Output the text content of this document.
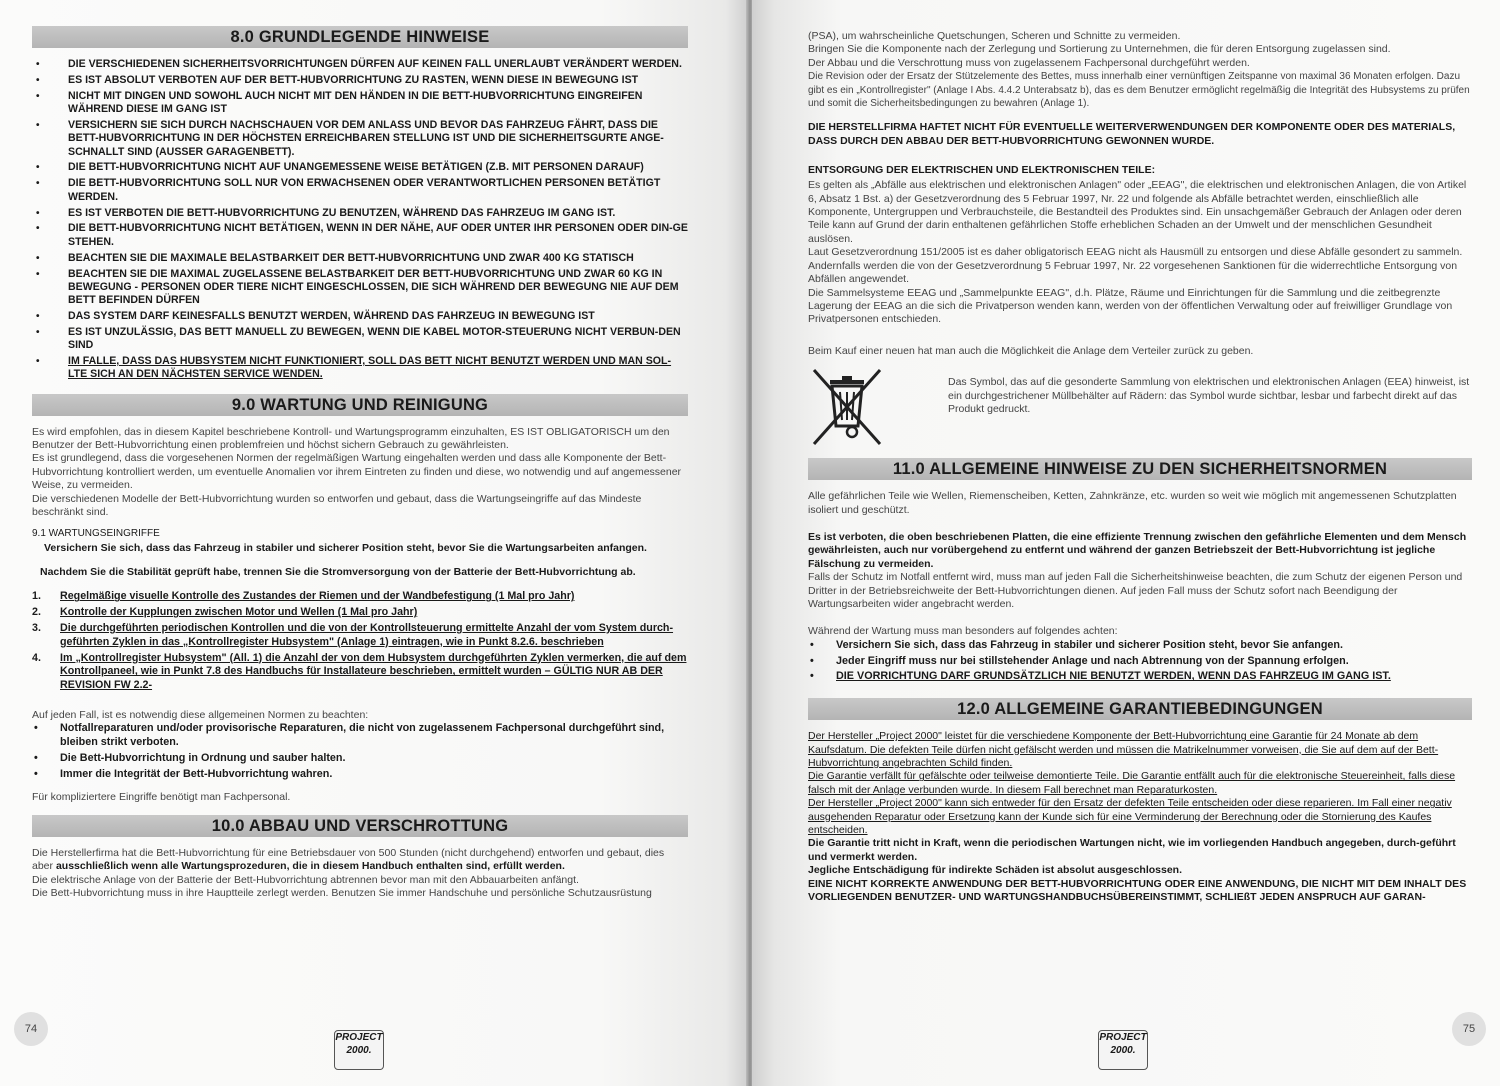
8.0 GRUNDLEGENDE HINWEISE
• DIE VERSCHIEDENEN SICHERHEITSVORRICHTUNGEN DÜRFEN AUF KEINEN FALL UNERLAUBT VERÄNDERT WERDEN.
• ES IST ABSOLUT VERBOTEN AUF DER BETT-HUBVORRICHTUNG ZU RASTEN, WENN DIESE IN BEWEGUNG IST
• NICHT MIT DINGEN UND SOWOHL AUCH NICHT MIT DEN HÄNDEN IN DIE BETT-HUBVORRICHTUNG EINGREIFEN WÄHREND DIESE IM GANG IST
• VERSICHERN SIE SICH DURCH NACHSCHAUEN VOR DEM ANLASS UND BEVOR DAS FAHRZEUG FÄHRT, DASS DIE BETT-HUBVORRICHTUNG IN DER HÖCHSTEN ERREICHBAREN STELLUNG IST UND DIE SICHERHEITSGURTE ANGE-SCHNALLT SIND (AUSSER GARAGENBETT).
• DIE BETT-HUBVORRICHTUNG NICHT AUF UNANGEMESSENE WEISE BETÄTIGEN (Z.B. MIT PERSONEN DARAUF)
• DIE BETT-HUBVORRICHTUNG SOLL NUR VON ERWACHSENEN ODER VERANTWORTLICHEN PERSONEN BETÄTIGT WERDEN.
• ES IST VERBOTEN DIE BETT-HUBVORRICHTUNG ZU BENUTZEN, WÄHREND DAS FAHRZEUG IM GANG IST.
• DIE BETT-HUBVORRICHTUNG NICHT BETÄTIGEN, WENN IN DER NÄHE, AUF ODER UNTER IHR PERSONEN ODER DIN-GE STEHEN.
• BEACHTEN SIE DIE MAXIMALE BELASTBARKEIT DER BETT-HUBVORRICHTUNG UND ZWAR 400 KG STATISCH
• BEACHTEN SIE DIE MAXIMAL ZUGELASSENE BELASTBARKEIT DER BETT-HUBVORRICHTUNG UND ZWAR 60 KG IN BEWEGUNG - PERSONEN ODER TIERE NICHT EINGESCHLOSSEN, DIE SICH WÄHREND DER BEWEGUNG NIE AUF DEM BETT BEFINDEN DÜRFEN
• DAS SYSTEM DARF KEINESFALLS BENUTZT WERDEN, WÄHREND DAS FAHRZEUG IN BEWEGUNG IST
• ES IST UNZULÄSSIG, DAS BETT MANUELL ZU BEWEGEN, WENN DIE KABEL MOTOR-STEUERUNG NICHT VERBUN-DEN SIND
• IM FALLE, DASS DAS HUBSYSTEM NICHT FUNKTIONIERT, SOLL DAS BETT NICHT BENUTZT WERDEN UND MAN SOL-LTE SICH AN DEN NÄCHSTEN SERVICE WENDEN.
9.0 WARTUNG UND REINIGUNG

Es wird empfohlen, das in diesem Kapitel beschriebene Kontroll- und Wartungsprogramm einzuhalten, ES IST OBLIGATORISCH um den Benutzer der Bett-Hubvorrichtung einen problemfreien und höchst sichern Gebrauch zu gewährleisten.

Es ist grundlegend, dass die vorgesehenen Normen der regelmäßigen Wartung eingehalten werden und dass alle Komponente der Bett-Hubvorrichtung kontrolliert werden, um eventuelle Anomalien vor ihrem Eintreten zu finden und diese, wo notwendig und auf angemessener Weise, zu vermeiden.

Die verschiedenen Modelle der Bett-Hubvorrichtung wurden so entworfen und gebaut, dass die Wartungseingriffe auf das Mindeste beschränkt sind.

9.1 WARTUNGSEINGRIFFE

Versichern Sie sich, dass das Fahrzeug in stabiler und sicherer Position steht, bevor Sie die Wartungsarbeiten anfangen.

Nachdem Sie die Stabilität geprüft habe, trennen Sie die Stromversorgung von der Batterie der Bett-Hubvorrichtung ab.

1. Regelmäßige visuelle Kontrolle des Zustandes der Riemen und der Wandbefestigung (1 Mal pro Jahr)
2. Kontrolle der Kupplungen zwischen Motor und Wellen (1 Mal pro Jahr)
3. Die durchgeführten periodischen Kontrollen und die von der Kontrollsteuerung ermittelte Anzahl der vom System durch-geführten Zyklen in das „Kontrollregister Hubsystem" (Anlage 1) eintragen, wie in Punkt 8.2.6. beschrieben
4. Im „Kontrollregister Hubsystem" (All. 1) die Anzahl der von dem Hubsystem durchgeführten Zyklen vermerken, die auf dem Kontrollpaneel, wie in Punkt 7.8 des Handbuchs für Installateure beschrieben, ermittelt wurden – GÜLTIG NUR AB DER REVISION FW 2.2-

Auf jeden Fall, ist es notwendig diese allgemeinen Normen zu beachten:

• Notfallreparaturen und/oder provisorische Reparaturen, die nicht von zugelassenem Fachpersonal durchgeführt sind, bleiben strikt verboten.
• Die Bett-Hubvorrichtung in Ordnung und sauber halten.
• Immer die Integrität der Bett-Hubvorrichtung wahren.

Für kompliziertere Eingriffe benötigt man Fachpersonal.

10.0 ABBAU UND VERSCHROTTUNG

Die Herstellerfirma hat die Bett-Hubvorrichtung für eine Betriebsdauer von 500 Stunden (nicht durchgehend) entworfen und gebaut, dies aber ausschließlich wenn alle Wartungsprozeduren, die in diesem Handbuch enthalten sind, erfüllt werden.

Die elektrische Anlage von der Batterie der Bett-Hubvorrichtung abtrennen bevor man mit den Abbauarbeiten anfängt.

Die Bett-Hubvorrichtung muss in ihre Hauptteile zerlegt werden. Benutzen Sie immer Handschuhe und persönliche Schutzausrüstung

74
PROJECT
2000.

(PSA), um wahrscheinliche Quetschungen, Scheren und Schnitte zu vermeiden.

Bringen Sie die Komponente nach der Zerlegung und Sortierung zu Unternehmen, die für deren Entsorgung zugelassen sind.

Der Abbau und die Verschrottung muss von zugelassenem Fachpersonal durchgeführt werden.

Die Revision oder der Ersatz der Stützelemente des Bettes, muss innerhalb einer vernünftigen Zeitspanne von maximal 36 Monaten erfolgen. Dazu gibt es ein „Kontrollregister" (Anlage I Abs. 4.4.2 Unterabsatz b), das es dem Benutzer ermöglicht regelmäßig die Integrität des Hubsystems zu prüfen und somit die Sicherheitsbedingungen zu bewahren (Anlage 1).

DIE HERSTELLFIRMA HAFTET NICHT FÜR EVENTUELLE WEITERVERWENDUNGEN DER KOMPONENTE ODER DES MATERIALS, DASS DURCH DEN ABBAU DER BETT-HUBVORRICHTUNG GEWONNEN WURDE.

ENTSORGUNG DER ELEKTRISCHEN UND ELEKTRONISCHEN TEILE:

Es gelten als „Abfälle aus elektrischen und elektronischen Anlagen" oder „EEAG", die elektrischen und elektronischen Anlagen, die von Artikel 6, Absatz 1 Bst. a) der Gesetzverordnung des 5 Februar 1997, Nr. 22 und folgende als Abfälle betrachtet werden, einschließlich alle Komponente, Untergruppen und Verbrauchsteile, die Bestandteil des Produktes sind. Ein unsachgemäßer Gebrauch der Anlagen oder deren Teile kann auf Grund der darin enthaltenen gefährlichen Stoffe erheblichen Schaden an der Umwelt und der menschlichen Gesundheit auslösen.

Laut Gesetzverordnung 151/2005 ist es daher obligatorisch EEAG nicht als Hausmüll zu entsorgen und diese Abfälle gesondert zu sammeln. Andernfalls werden die von der Gesetzverordnung 5 Februar 1997, Nr. 22 vorgesehenen Sanktionen für die widerrechtliche Entsorgung von Abfällen angewendet.

Die Sammelsysteme EEAG und „Sammelpunkte EEAG", d.h. Plätze, Räume und Einrichtungen für die Sammlung und die zeitbegrenzte Lagerung der EEAG an die sich die Privatperson wenden kann, werden von der öffentlichen Verwaltung oder auf freiwilliger Grundlage von Privatpersonen entschieden.

Beim Kauf einer neuen hat man auch die Möglichkeit die Anlage dem Verteiler zurück zu geben.

Das Symbol, das auf die gesonderte Sammlung von elektrischen und elektronischen Anlagen (EEA) hinweist, ist ein durchgestrichener Müllbehälter auf Rädern: das Symbol wurde sichtbar, lesbar und farbecht direkt auf das Produkt gedruckt.

11.0 ALLGEMEINE HINWEISE ZU DEN SICHERHEITSNORMEN

Alle gefährlichen Teile wie Wellen, Riemenscheiben, Ketten, Zahnkränze, etc. wurden so weit wie möglich mit angemessenen Schutzplatten isoliert und geschützt.

Es ist verboten, die oben beschriebenen Platten, die eine effiziente Trennung zwischen den gefährliche Elementen und dem Mensch gewährleisten, auch nur vorübergehend zu entfernt und während der ganzen Betriebszeit der Bett-Hubvorrichtung ist jegliche Fälschung zu vermeiden.

Falls der Schutz im Notfall entfernt wird, muss man auf jeden Fall die Sicherheitshinweise beachten, die zum Schutz der eigenen Person und Dritter in der Betriebsreichweite der Bett-Hubvorrichtungen dienen. Auf jeden Fall muss der Schutz sofort nach Beendigung der Wartungsarbeiten wider angebracht werden.

Während der Wartung muss man besonders auf folgendes achten:

• Versichern Sie sich, dass das Fahrzeug in stabiler und sicherer Position steht, bevor Sie anfangen.
• Jeder Eingriff muss nur bei stillstehender Anlage und nach Abtrennung von der Spannung erfolgen.
• DIE VORRICHTUNG DARF GRUNDSÄTZLICH NIE BENUTZT WERDEN, WENN DAS FAHRZEUG IM GANG IST.
12.0 ALLGEMEINE GARANTIEBEDINGUNGEN

Der Hersteller „Project 2000" leistet für die verschiedene Komponente der Bett-Hubvorrichtung eine Garantie für 24 Monate ab dem Kaufsdatum. Die defekten Teile dürfen nicht gefälscht werden und müssen die Matrikelnummer vorweisen, die Sie auf dem auf der Bett-Hubvorrichtung angebrachten Schild finden.

Die Garantie verfällt für gefälschte oder teilweise demontierte Teile. Die Garantie entfällt auch für die elektronische Steuereinheit, falls diese falsch mit der Anlage verbunden wurde. In diesem Fall berechnet man Reparaturkosten.

Der Hersteller „Project 2000" kann sich entweder für den Ersatz der defekten Teile entscheiden oder diese reparieren. Im Fall einer negativ ausgehenden Reparatur oder Ersetzung kann der Kunde sich für eine Verminderung der Berechnung oder die Stornierung des Kaufes entscheiden.

Die Garantie tritt nicht in Kraft, wenn die periodischen Wartungen nicht, wie im vorliegenden Handbuch angegeben, durch-geführt und vermerkt werden.

Jegliche Entschädigung für indirekte Schäden ist absolut ausgeschlossen.

EINE NICHT KORREKTE ANWENDUNG DER BETT-HUBVORRICHTUNG ODER EINE ANWENDUNG, DIE NICHT MIT DEM INHALT DES VORLIEGENDEN BENUTZER- UND WARTUNGSHANDBUCHSÜBEREINSTIMMT, SCHLIEßT JEDEN ANSPRUCH AUF GARAN-

PROJECT
2000.
75
